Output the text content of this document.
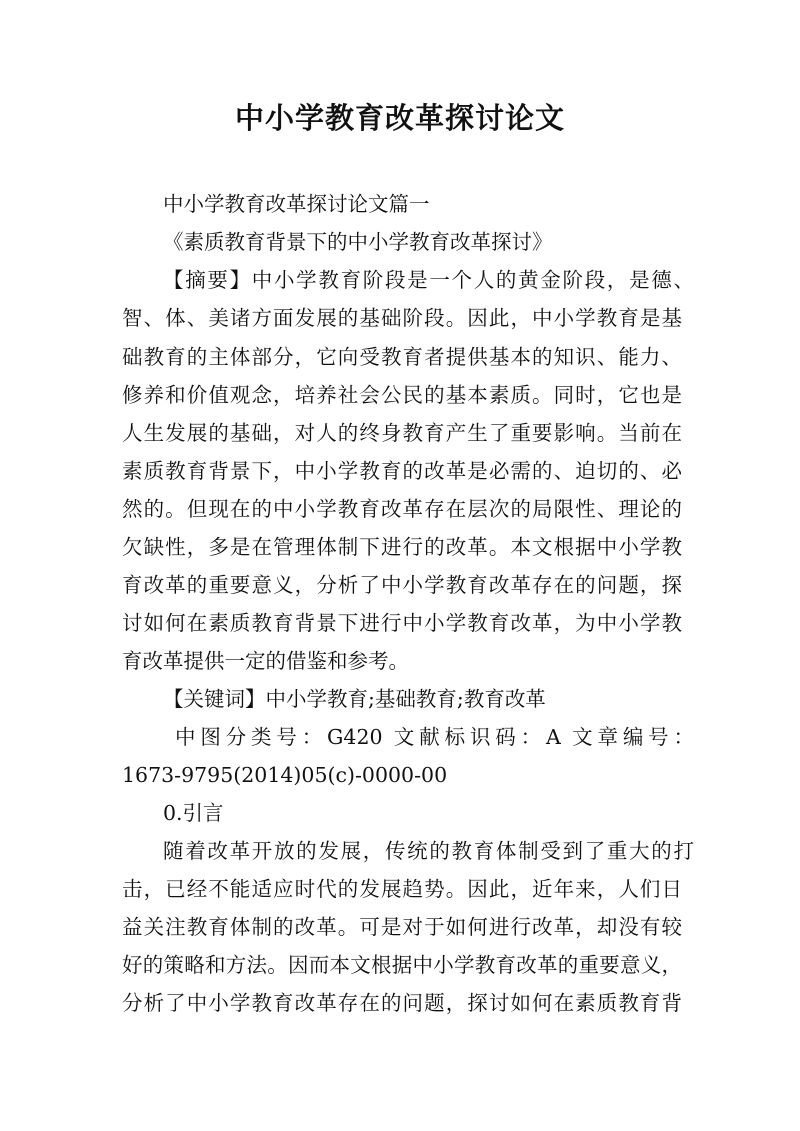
中小学教育改革探讨论文
中小学教育改革探讨论文篇一
《素质教育背景下的中小学教育改革探讨》
【摘要】中小学教育阶段是一个人的黄金阶段，是德、
智、体、美诸方面发展的基础阶段。因此，中小学教育是基
础教育的主体部分，它向受教育者提供基本的知识、能力、
修养和价值观念，培养社会公民的基本素质。同时，它也是
人生发展的基础，对人的终身教育产生了重要影响。当前在
素质教育背景下，中小学教育的改革是必需的、迫切的、必
然的。但现在的中小学教育改革存在层次的局限性、理论的
欠缺性，多是在管理体制下进行的改革。本文根据中小学教
育改革的重要意义，分析了中小学教育改革存在的问题，探
讨如何在素质教育背景下进行中小学教育改革，为中小学教
育改革提供一定的借鉴和参考。
【关键词】中小学教育;基础教育;教育改革
中图分类号：G420 文献标识码：A 文章编号：
1673-9795(2014)05(c)-0000-00
0.引言
随着改革开放的发展，传统的教育体制受到了重大的打
击，已经不能适应时代的发展趋势。因此，近年来，人们日
益关注教育体制的改革。可是对于如何进行改革，却没有较
好的策略和方法。因而本文根据中小学教育改革的重要意义，
分析了中小学教育改革存在的问题，探讨如何在素质教育背
